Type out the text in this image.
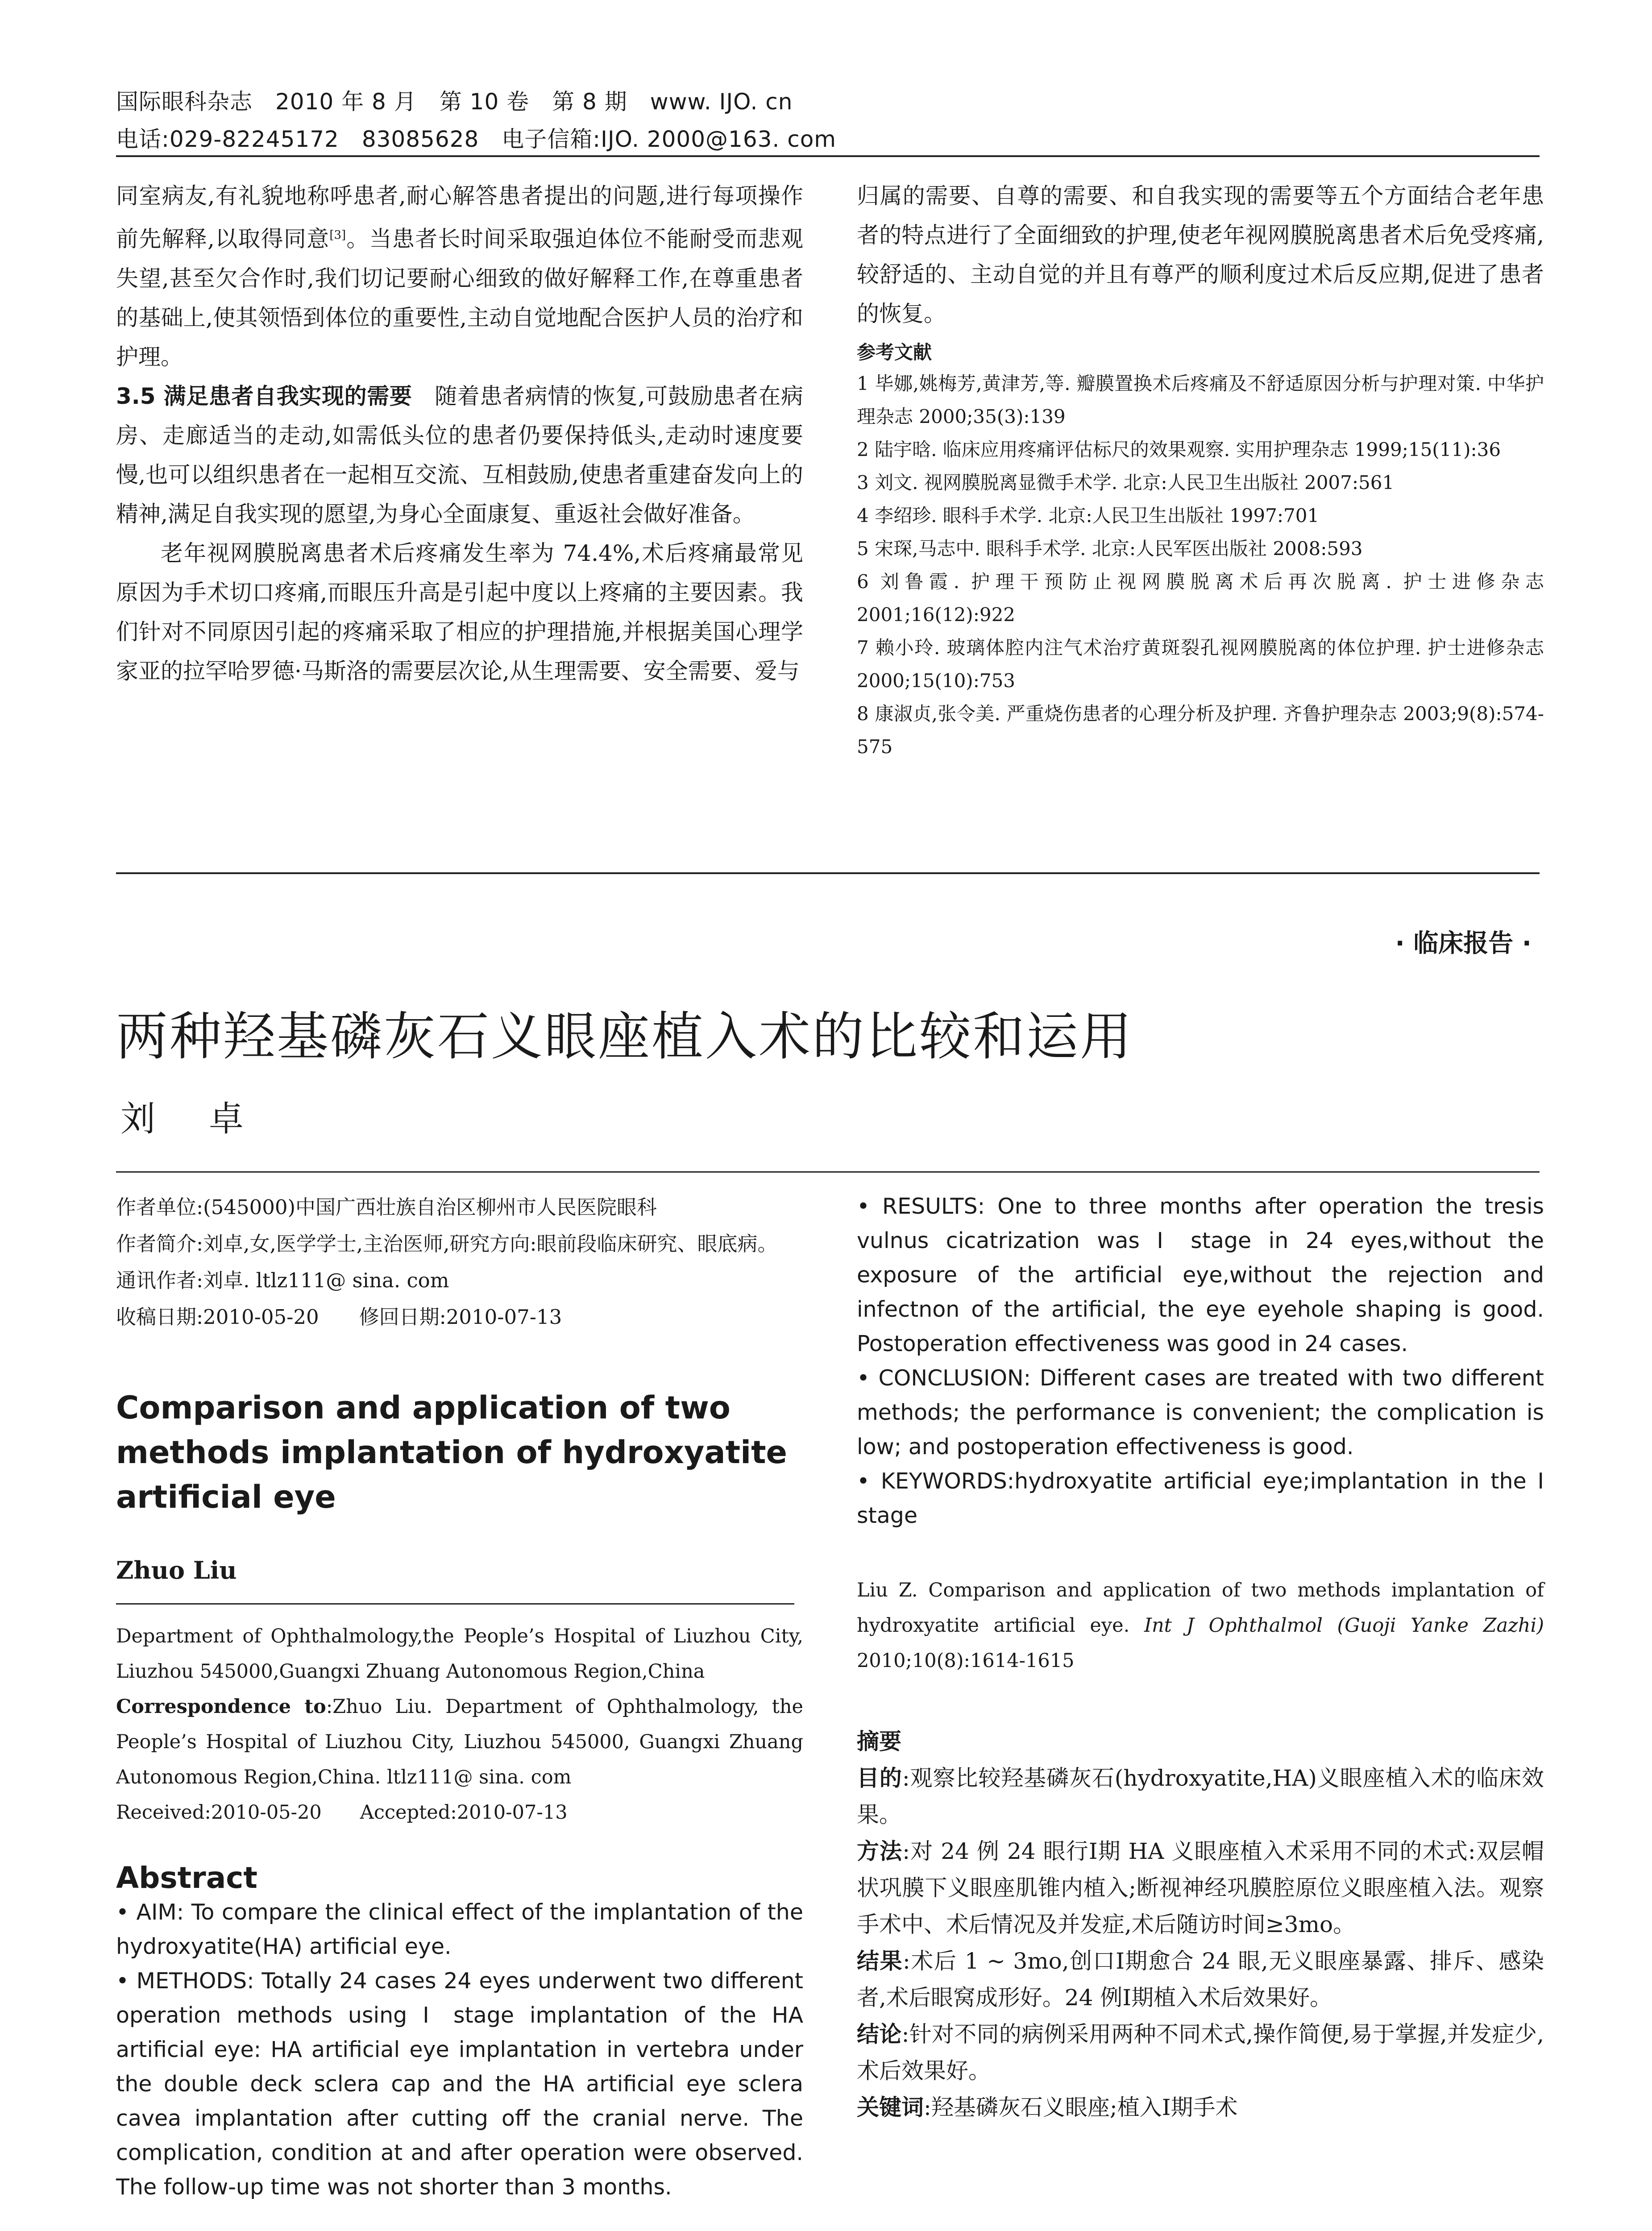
国际眼科杂志　2010 年 8 月　第 10 卷　第 8 期　www. IJO. cn
电话:029-82245172　83085628　电子信箱:IJO. 2000@163. com

同室病友,有礼貌地称呼患者,耐心解答患者提出的问题,进行每项操作前先解释,以取得同意[3]。当患者长时间采取强迫体位不能耐受而悲观失望,甚至欠合作时,我们切记要耐心细致的做好解释工作,在尊重患者的基础上,使其领悟到体位的重要性,主动自觉地配合医护人员的治疗和护理。

3.5 满足患者自我实现的需要　 随着患者病情的恢复,可鼓励患者在病房、走廊适当的走动,如需低头位的患者仍要保持低头,走动时速度要慢,也可以组织患者在一起相互交流、互相鼓励,使患者重建奋发向上的精神,满足自我实现的愿望,为身心全面康复、重返社会做好准备。

老年视网膜脱离患者术后疼痛发生率为 74.4%,术后疼痛最常见原因为手术切口疼痛,而眼压升高是引起中度以上疼痛的主要因素。我们针对不同原因引起的疼痛采取了相应的护理措施,并根据美国心理学家亚的拉罕哈罗德·马斯洛的需要层次论,从生理需要、安全需要、爱与

归属的需要、自尊的需要、和自我实现的需要等五个方面结合老年患者的特点进行了全面细致的护理,使老年视网膜脱离患者术后免受疼痛,较舒适的、主动自觉的并且有尊严的顺利度过术后反应期,促进了患者的恢复。

参考文献
1 毕娜,姚梅芳,黄津芳,等. 瓣膜置换术后疼痛及不舒适原因分析与护理对策. 中华护理杂志 2000;35(3):139
2 陆宇晗. 临床应用疼痛评估标尺的效果观察. 实用护理杂志 1999;15(11):36
3 刘文. 视网膜脱离显微手术学. 北京:人民卫生出版社 2007:561
4 李绍珍. 眼科手术学. 北京:人民卫生出版社 1997:701
5 宋琛,马志中. 眼科手术学. 北京:人民军医出版社 2008:593
6 刘鲁霞. 护理干预防止视网膜脱离术后再次脱离. 护士进修杂志 2001;16(12):922
7 赖小玲. 玻璃体腔内注气术治疗黄斑裂孔视网膜脱离的体位护理. 护士进修杂志 2000;15(10):753
8 康淑贞,张令美. 严重烧伤患者的心理分析及护理. 齐鲁护理杂志 2003;9(8):574-575
· 临床报告 ·
两种羟基磷灰石义眼座植入术的比较和运用
刘卓
作者单位:(545000)中国广西壮族自治区柳州市人民医院眼科
作者简介:刘卓,女,医学学士,主治医师,研究方向:眼前段临床研究、眼底病。
通讯作者:刘卓. ltlz111@ sina. com
收稿日期:2010-05-20　　修回日期:2010-07-13
Comparison and application of two methods implantation of hydroxyatite artificial eye
Zhuo Liu
Department of Ophthalmology,the People’s Hospital of Liuzhou City, Liuzhou 545000,Guangxi Zhuang Autonomous Region,China
Correspondence to:Zhuo Liu. Department of Ophthalmology, the People’s Hospital of Liuzhou City, Liuzhou 545000, Guangxi Zhuang Autonomous Region,China. ltlz111@ sina. com
Received:2010-05-20　　Accepted:2010-07-13
Abstract

• AIM: To compare the clinical effect of the implantation of the hydroxyatite(HA) artificial eye.

• METHODS: Totally 24 cases 24 eyes underwent two different operation methods using Ⅰ stage implantation of the HA artificial eye: HA artificial eye implantation in vertebra under the double deck sclera cap and the HA artificial eye sclera cavea implantation after cutting off the cranial nerve. The complication, condition at and after operation were observed. The follow-up time was not shorter than 3 months.

• RESULTS: One to three months after operation the tresis vulnus cicatrization was Ⅰ stage in 24 eyes,without the exposure of the artificial eye,without the rejection and infectnon of the artificial, the eye eyehole shaping is good. Postoperation effectiveness was good in 24 cases.

• CONCLUSION: Different cases are treated with two different methods; the performance is convenient; the complication is low; and postoperation effectiveness is good.

• KEYWORDS:hydroxyatite artificial eye;implantation in the Ⅰ stage

Liu Z. Comparison and application of two methods implantation of hydroxyatite artificial eye. Int J Ophthalmol (Guoji Yanke Zazhi) 2010;10(8):1614-1615
摘要

目的:观察比较羟基磷灰石(hydroxyatite,HA)义眼座植入术的临床效果。

方法:对 24 例 24 眼行Ⅰ期 HA 义眼座植入术采用不同的术式:双层帽状巩膜下义眼座肌锥内植入;断视神经巩膜腔原位义眼座植入法。观察手术中、术后情况及并发症,术后随访时间≥3mo。

结果:术后 1 ~ 3mo,创口Ⅰ期愈合 24 眼,无义眼座暴露、排斥、感染者,术后眼窝成形好。24 例Ⅰ期植入术后效果好。

结论:针对不同的病例采用两种不同术式,操作简便,易于掌握,并发症少,术后效果好。

关键词:羟基磷灰石义眼座;植入Ⅰ期手术
